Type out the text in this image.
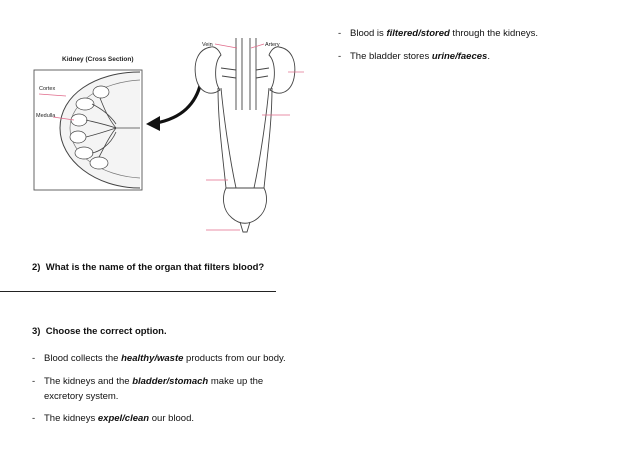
Kidney (Cross Section)
Cortex
Medulla
Vein	Artery
- Blood is filtered/stored through the kidneys.
- The bladder stores urine/faeces.
2) What is the name of the organ that filters blood?
3) Choose the correct option.
- Blood collects the healthy/waste products from our body.
- The kidneys and the bladder/stomach make up the excretory system.
- The kidneys expel/clean our blood.
